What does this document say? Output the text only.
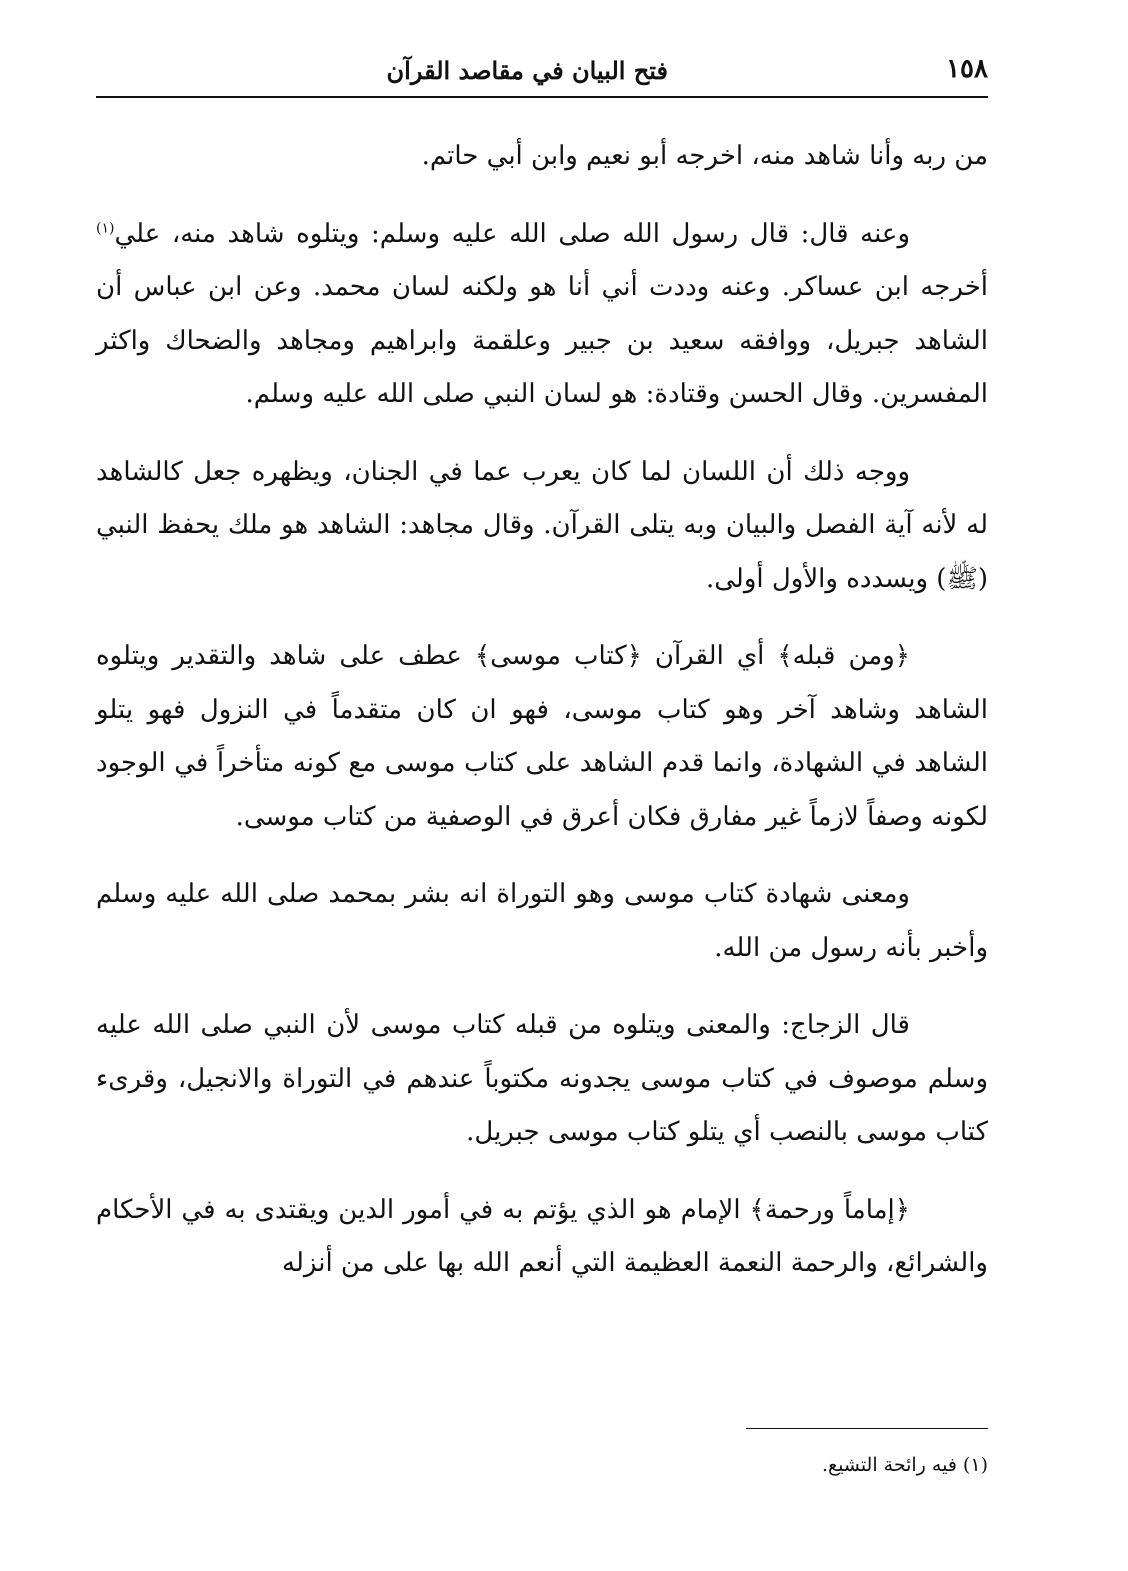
١٥٨
فتح البيان في مقاصد القرآن

من ربه وأنا شاهد منه، اخرجه أبو نعيم وابن أبي حاتم.

وعنه قال: قال رسول الله صلى الله عليه وسلم: ويتلوه شاهد منه، علي$^{(١)}$ أخرجه ابن عساكر. وعنه وددت أني أنا هو ولكنه لسان محمد. وعن ابن عباس أن الشاهد جبريل، ووافقه سعيد بن جبير وعلقمة وابراهيم ومجاهد والضحاك واكثر المفسرين. وقال الحسن وقتادة: هو لسان النبي صلى الله عليه وسلم.

ووجه ذلك أن اللسان لما كان يعرب عما في الجنان، ويظهره جعل كالشاهد له لأنه آية الفصل والبيان وبه يتلى القرآن. وقال مجاهد: الشاهد هو ملك يحفظ النبي (ﷺ) ويسدده والأول أولى.

﴿ومن قبله﴾ أي القرآن ﴿كتاب موسى﴾ عطف على شاهد والتقدير ويتلوه الشاهد وشاهد آخر وهو كتاب موسى، فهو ان كان متقدماً في النزول فهو يتلو الشاهد في الشهادة، وانما قدم الشاهد على كتاب موسى مع كونه متأخراً في الوجود لكونه وصفاً لازماً غير مفارق فكان أعرق في الوصفية من كتاب موسى.

ومعنى شهادة كتاب موسى وهو التوراة انه بشر بمحمد صلى الله عليه وسلم وأخبر بأنه رسول من الله.

قال الزجاج: والمعنى ويتلوه من قبله كتاب موسى لأن النبي صلى الله عليه وسلم موصوف في كتاب موسى يجدونه مكتوباً عندهم في التوراة والانجيل، وقرىء كتاب موسى بالنصب أي يتلو كتاب موسى جبريل.

﴿إماماً ورحمة﴾ الإمام هو الذي يؤتم به في أمور الدين ويقتدى به في الأحكام والشرائع، والرحمة النعمة العظيمة التي أنعم الله بها على من أنزله

(١) فيه رائحة التشيع.
